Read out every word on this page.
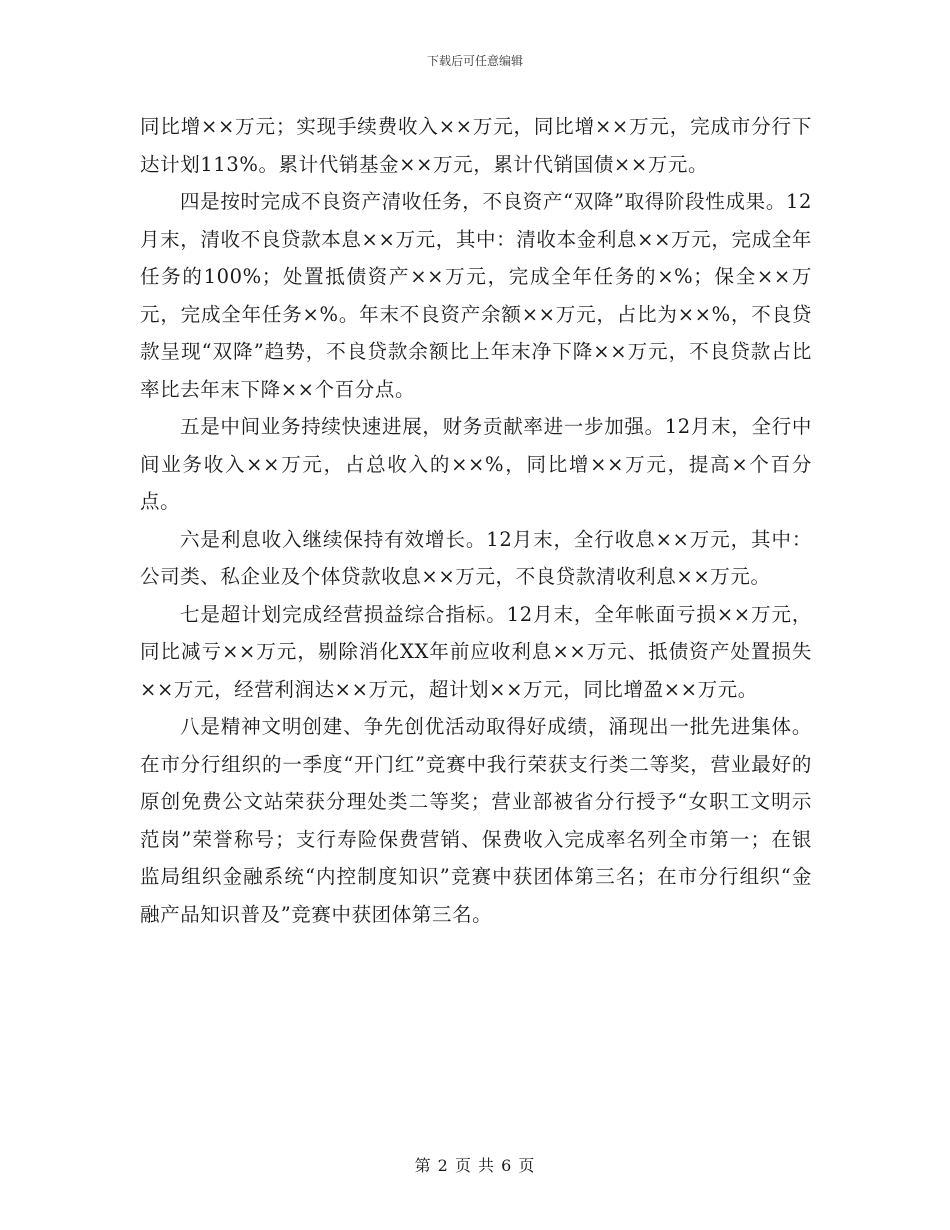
下载后可任意编辑

同比增××万元；实现手续费收入××万元，同比增××万元，完成市分行下达计划113%。累计代销基金××万元，累计代销国债××万元。

四是按时完成不良资产清收任务，不良资产“双降”取得阶段性成果。12月末，清收不良贷款本息××万元，其中：清收本金利息××万元，完成全年任务的100%；处置抵债资产××万元，完成全年任务的×%；保全××万元，完成全年任务×%。年末不良资产余额××万元，占比为××%，不良贷款呈现“双降”趋势，不良贷款余额比上年末净下降××万元，不良贷款占比率比去年末下降××个百分点。

五是中间业务持续快速进展，财务贡献率进一步加强。12月末，全行中间业务收入××万元，占总收入的××%，同比增××万元，提高×个百分点。

六是利息收入继续保持有效增长。12月末，全行收息××万元，其中：公司类、私企业及个体贷款收息××万元，不良贷款清收利息××万元。

七是超计划完成经营损益综合指标。12月末，全年帐面亏损××万元，同比减亏××万元，剔除消化XX年前应收利息××万元、抵债资产处置损失××万元，经营利润达××万元，超计划××万元，同比增盈××万元。

八是精神文明创建、争先创优活动取得好成绩，涌现出一批先进集体。在市分行组织的一季度“开门红”竞赛中我行荣获支行类二等奖，营业最好的原创免费公文站荣获分理处类二等奖；营业部被省分行授予“女职工文明示范岗”荣誉称号；支行寿险保费营销、保费收入完成率名列全市第一；在银监局组织金融系统“内控制度知识”竞赛中获团体第三名；在市分行组织“金融产品知识普及”竞赛中获团体第三名。

第 2 页 共 6 页
